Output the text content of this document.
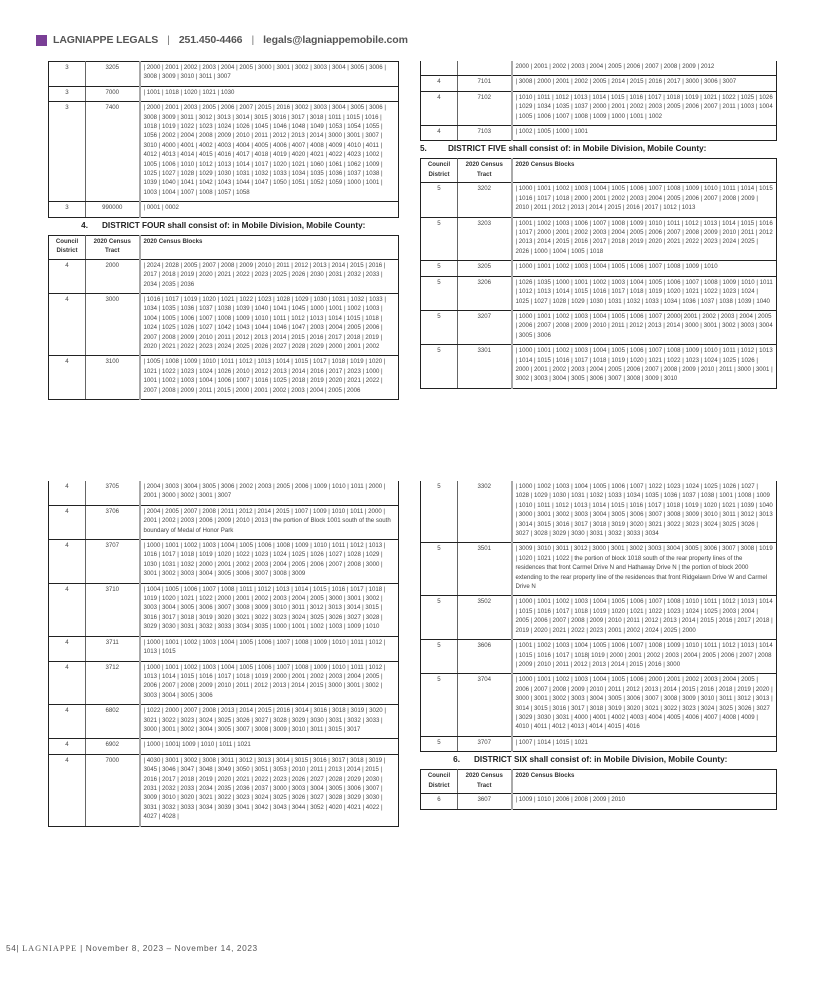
LAGNIAPPE LEGALS | 251.450-4466 | legals@lagniappemobile.com
3	3205	| 2000 | 2001 | 2002 | 2003 | 2004 | 2005 | 3000 | 3001 | 3002 | 3003 | 3004 | 3005 | 3006 | 3008 | 3009 | 3010 | 3011 | 3007
3	7000	| 1001 | 1018 | 1020 | 1021 | 1030
3	7400	| 2000 | 2001 | 2003 | 2005 | 2006 | 2007 | 2015 | 2016 | 3002 | 3003 | 3004 | 3005 | 3006 | 3008 | 3009 | 3011 | 3012 | 3013 | 3014 | 3015 | 3016 | 3017 | 3018 | 1011 | 1015 | 1016 | 1018 | 1019 | 1022 | 1023 | 1024 | 1026 | 1045 | 1046 | 1048 | 1049 | 1053 | 1054 | 1055 | 1056 | 2002 | 2004 | 2008 | 2009 | 2010 | 2011 | 2012 | 2013 | 2014 | 3000 | 3001 | 3007 | 3010 | 4000 | 4001 | 4002 | 4003 | 4004 | 4005 | 4006 | 4007 | 4008 | 4009 | 4010 | 4011 | 4012 | 4013 | 4014 | 4015 | 4016 | 4017 | 4018 | 4019 | 4020 | 4021 | 4022 | 4023 | 1002 | 1005 | 1006 | 1010 | 1012 | 1013 | 1014 | 1017 | 1020 | 1021 | 1060 | 1061 | 1062 | 1009 | 1025 | 1027 | 1028 | 1029 | 1030 | 1031 | 1032 | 1033 | 1034 | 1035 | 1036 | 1037 | 1038 | 1039 | 1040 | 1041 | 1042 | 1043 | 1044 | 1047 | 1050 | 1051 | 1052 | 1059 | 1000 | 1001 | 1003 | 1004 | 1007 | 1008 | 1057 | 1058
3	990000	| 0001 | 0002
4.	DISTRICT FOUR shall consist of: in Mobile Division, Mobile County:
Council District	2020 Census Tract	2020 Census Blocks
4	2000	| 2024 | 2028 | 2005 | 2007 | 2008 | 2009 | 2010 | 2011 | 2012 | 2013 | 2014 | 2015 | 2016 | 2017 | 2018 | 2019 | 2020 | 2021 | 2022 | 2023 | 2025 | 2026 | 2030 | 2031 | 2032 | 2033 | 2034 | 2035 | 2036
4	3000	| 1016 | 1017 | 1019 | 1020 | 1021 | 1022 | 1023 | 1028 | 1029 | 1030 | 1031 | 1032 | 1033 | 1034 | 1035 | 1036 | 1037 | 1038 | 1039 | 1040 | 1041 | 1045 | 1000 | 1001 | 1002 | 1003 | 1004 | 1005 | 1006 | 1007 | 1008 | 1009 | 1010 | 1011 | 1012 | 1013 | 1014 | 1015 | 1018 | 1024 | 1025 | 1026 | 1027 | 1042 | 1043 | 1044 | 1046 | 1047 | 2003 | 2004 | 2005 | 2006 | 2007 | 2008 | 2009 | 2010 | 2011 | 2012 | 2013 | 2014 | 2015 | 2016 | 2017 | 2018 | 2019 | 2020 | 2021 | 2022 | 2023 | 2024 | 2025 | 2026 | 2027 | 2028 | 2029 | 2000 | 2001 | 2002
4	3100	| 1005 | 1008 | 1009 | 1010 | 1011 | 1012 | 1013 | 1014 | 1015 | 1017 | 1018 | 1019 | 1020 | 1021 | 1022 | 1023 | 1024 | 1026 | 2010 | 2012 | 2013 | 2014 | 2016 | 2017 | 2023 | 1000 | 1001 | 1002 | 1003 | 1004 | 1006 | 1007 | 1016 | 1025 | 2018 | 2019 | 2020 | 2021 | 2022 | 2007 | 2008 | 2009 | 2011 | 2015 | 2000 | 2001 | 2002 | 2003 | 2004 | 2005 | 2006
		2000 | 2001 | 2002 | 2003 | 2004 | 2005 | 2006 | 2007 | 2008 | 2009 | 2012
4	7101	| 3008 | 2000 | 2001 | 2002 | 2005 | 2014 | 2015 | 2016 | 2017 | 3000 | 3006 | 3007
4	7102	| 1010 | 1011 | 1012 | 1013 | 1014 | 1015 | 1016 | 1017 | 1018 | 1019 | 1021 | 1022 | 1025 | 1026 | 1029 | 1034 | 1035 | 1037 | 2000 | 2001 | 2002 | 2003 | 2005 | 2006 | 2007 | 2011 | 1003 | 1004 | 1005 | 1006 | 1007 | 1008 | 1009 | 1000 | 1001 | 1002
4	7103	| 1002 | 1005 | 1000 | 1001
5.	DISTRICT FIVE shall consist of: in Mobile Division, Mobile County:
Council District	2020 Census Tract	2020 Census Blocks
5	3202	| 1000 | 1001 | 1002 | 1003 | 1004 | 1005 | 1006 | 1007 | 1008 | 1009 | 1010 | 1011 | 1014 | 1015 | 1016 | 1017 | 1018 | 2000 | 2001 | 2002 | 2003 | 2004 | 2005 | 2006 | 2007 | 2008 | 2009 | 2010 | 2011 | 2012 | 2013 | 2014 | 2015 | 2016 | 2017 | 1012 | 1013
5	3203	| 1001 | 1002 | 1003 | 1006 | 1007 | 1008 | 1009 | 1010 | 1011 | 1012 | 1013 | 1014 | 1015 | 1016 | 1017 | 2000 | 2001 | 2002 | 2003 | 2004 | 2005 | 2006 | 2007 | 2008 | 2009 | 2010 | 2011 | 2012 | 2013 | 2014 | 2015 | 2016 | 2017 | 2018 | 2019 | 2020 | 2021 | 2022 | 2023 | 2024 | 2025 | 2026 | 1000 | 1004 | 1005 | 1018
5	3205	| 1000 | 1001 | 1002 | 1003 | 1004 | 1005 | 1006 | 1007 | 1008 | 1009 | 1010
5	3206	| 1026 | 1035 | 1000 | 1001 | 1002 | 1003 | 1004 | 1005 | 1006 | 1007 | 1008 | 1009 | 1010 | 1011 | 1012 | 1013 | 1014 | 1015 | 1016 | 1017 | 1018 | 1019 | 1020 | 1021 | 1022 | 1023 | 1024 | 1025 | 1027 | 1028 | 1029 | 1030 | 1031 | 1032 | 1033 | 1034 | 1036 | 1037 | 1038 | 1039 | 1040
5	3207	| 1000 | 1001 | 1002 | 1003 | 1004 | 1005 | 1006 | 1007 | 2000| 2001 | 2002 | 2003 | 2004 | 2005 | 2006 | 2007 | 2008 | 2009 | 2010 | 2011 | 2012 | 2013 | 2014 | 3000 | 3001 | 3002 | 3003 | 3004 | 3005 | 3006
5	3301	| 1000 | 1001 | 1002 | 1003 | 1004 | 1005 | 1006 | 1007 | 1008 | 1009 | 1010 | 1011 | 1012 | 1013 | 1014 | 1015 | 1016 | 1017 | 1018 | 1019 | 1020 | 1021 | 1022 | 1023 | 1024 | 1025 | 1026 | 2000 | 2001 | 2002 | 2003 | 2004 | 2005 | 2006 | 2007 | 2008 | 2009 | 2010 | 2011 | 3000 | 3001 | 3002 | 3003 | 3004 | 3005 | 3006 | 3007 | 3008 | 3009 | 3010
4	3705	| 2004 | 3003 | 3004 | 3005 | 3006 | 2002 | 2003 | 2005 | 2006 | 1009 | 1010 | 1011 | 2000 | 2001 | 3000 | 3002 | 3001 | 3007
4	3706	| 2004 | 2005 | 2007 | 2008 | 2011 | 2012 | 2014 | 2015 | 1007 | 1009 | 1010 | 1011 | 2000 | 2001 | 2002 | 2003 | 2006 | 2009 | 2010 | 2013 | the portion of Block 1001 south of the south boundary of Medal of Honor Park
4	3707	| 1000 | 1001 | 1002 | 1003 | 1004 | 1005 | 1006 | 1008 | 1009 | 1010 | 1011 | 1012 | 1013 | 1016 | 1017 | 1018 | 1019 | 1020 | 1022 | 1023 | 1024 | 1025 | 1026 | 1027 | 1028 | 1029 | 1030 | 1031 | 1032 | 2000 | 2001 | 2002 | 2003 | 2004 | 2005 | 2006 | 2007 | 2008 | 3000 | 3001 | 3002 | 3003 | 3004 | 3005 | 3006 | 3007 | 3008 | 3009
4	3710	| 1004 | 1005 | 1006 | 1007 | 1008 | 1011 | 1012 | 1013 | 1014 | 1015 | 1016 | 1017 | 1018 | 1019 | 1020 | 1021 | 1022 | 2000 | 2001 | 2002 | 2003 | 2004 | 2005 | 3000 | 3001 | 3002 | 3003 | 3004 | 3005 | 3006 | 3007 | 3008 | 3009 | 3010 | 3011 | 3012 | 3013 | 3014 | 3015 | 3016 | 3017 | 3018 | 3019 | 3020 | 3021 | 3022 | 3023 | 3024 | 3025 | 3026 | 3027 | 3028 | 3029 | 3030 | 3031 | 3032 | 3033 | 3034 | 3035 | 1000 | 1001 | 1002 | 1003 | 1009 | 1010
4	3711	| 1000 | 1001 | 1002 | 1003 | 1004 | 1005 | 1006 | 1007 | 1008 | 1009 | 1010 | 1011 | 1012 | 1013 | 1015
4	3712	| 1000 | 1001 | 1002 | 1003 | 1004 | 1005 | 1006 | 1007 | 1008 | 1009 | 1010 | 1011 | 1012 | 1013 | 1014 | 1015 | 1016 | 1017 | 1018 | 1019 | 2000 | 2001 | 2002 | 2003 | 2004 | 2005 | 2006 | 2007 | 2008 | 2009 | 2010 | 2011 | 2012 | 2013 | 2014 | 2015 | 3000 | 3001 | 3002 | 3003 | 3004 | 3005 | 3006
4	6802	| 1022 | 2000 | 2007 | 2008 | 2013 | 2014 | 2015 | 2016 | 3014 | 3016 | 3018 | 3019 | 3020 | 3021 | 3022 | 3023 | 3024 | 3025 | 3026 | 3027 | 3028 | 3029 | 3030 | 3031 | 3032 | 3033 | 3000 | 3001 | 3002 | 3004 | 3005 | 3007 | 3008 | 3009 | 3010 | 3011 | 3015 | 3017
4	6902	| 1000 | 1001| 1009 | 1010 | 1011 | 1021
4	7000	| 4030 | 3001 | 3002 | 3008 | 3011 | 3012 | 3013 | 3014 | 3015 | 3016 | 3017 | 3018 | 3019 | 3045 | 3046 | 3047 | 3048 | 3049 | 3050 | 3051 | 3053 | 2010 | 2011 | 2013 | 2014 | 2015 | 2016 | 2017 | 2018 | 2019 | 2020 | 2021 | 2022 | 2023 | 2026 | 2027 | 2028 | 2029 | 2030 | 2031 | 2032 | 2033 | 2034 | 2035 | 2036 | 2037 | 3000 | 3003 | 3004 | 3005 | 3006 | 3007 | 3009 | 3010 | 3020 | 3021 | 3022 | 3023 | 3024 | 3025 | 3026 | 3027 | 3028 | 3029 | 3030 | 3031 | 3032 | 3033 | 3034 | 3039 | 3041 | 3042 | 3043 | 3044 | 3052 | 4020 | 4021 | 4022 | 4027 | 4028 |
5	3302	| 1000 | 1002 | 1003 | 1004 | 1005 | 1006 | 1007 | 1022 | 1023 | 1024 | 1025 | 1026 | 1027 | 1028 | 1029 | 1030 | 1031 | 1032 | 1033 | 1034 | 1035 | 1036 | 1037 | 1038 | 1001 | 1008 | 1009 | 1010 | 1011 | 1012 | 1013 | 1014 | 1015 | 1016 | 1017 | 1018 | 1019 | 1020 | 1021 | 1039 | 1040 | 3000 | 3001 | 3002 | 3003 | 3004 | 3005 | 3006 | 3007 | 3008 | 3009 | 3010 | 3011 | 3012 | 3013 | 3014 | 3015 | 3016 | 3017 | 3018 | 3019 | 3020 | 3021 | 3022 | 3023 | 3024 | 3025 | 3026 | 3027 | 3028 | 3029 | 3030 | 3031 | 3032 | 3033 | 3034
5	3501	| 3009 | 3010 | 3011 | 3012 | 3000 | 3001 | 3002 | 3003 | 3004 | 3005 | 3006 | 3007 | 3008 | 1019 | 1020 | 1021 | 1022 | the portion of block 1018 south of the rear property lines of the residences that front Carmel Drive N and Hathaway Drive N | the portion of block 2000 extending to the rear property line of the residences that front Ridgelawn Drive W and Carmel Drive N
5	3502	| 1000 | 1001 | 1002 | 1003 | 1004 | 1005 | 1006 | 1007 | 1008 | 1010 | 1011 | 1012 | 1013 | 1014 | 1015 | 1016 | 1017 | 1018 | 1019 | 1020 | 1021 | 1022 | 1023 | 1024 | 1025 | 2003 | 2004 | 2005 | 2006 | 2007 | 2008 | 2009 | 2010 | 2011 | 2012 | 2013 | 2014 | 2015 | 2016 | 2017 | 2018 | 2019 | 2020 | 2021 | 2022 | 2023 | 2001 | 2002 | 2024 | 2025 | 2000
5	3606	| 1001 | 1002 | 1003 | 1004 | 1005 | 1006 | 1007 | 1008 | 1009 | 1010 | 1011 | 1012 | 1013 | 1014 | 1015 | 1016 | 1017 | 1018| 1019 | 2000 | 2001 | 2002 | 2003 | 2004 | 2005 | 2006 | 2007 | 2008 | 2009 | 2010 | 2011 | 2012 | 2013 | 2014 | 2015 | 2016 | 3000
5	3704	| 1000 | 1001 | 1002 | 1003 | 1004 | 1005 | 1006 | 2000 | 2001 | 2002 | 2003 | 2004 | 2005 | 2006 | 2007 | 2008 | 2009 | 2010 | 2011 | 2012 | 2013 | 2014 | 2015 | 2016 | 2018 | 2019 | 2020 | 3000 | 3001 | 3002 | 3003 | 3004 | 3005 | 3006 | 3007 | 3008 | 3009 | 3010 | 3011 | 3012 | 3013 | 3014 | 3015 | 3016 | 3017 | 3018 | 3019 | 3020 | 3021 | 3022 | 3023 | 3024 | 3025 | 3026 | 3027 | 3029 | 3030 | 3031 | 4000 | 4001 | 4002 | 4003 | 4004 | 4005 | 4006 | 4007 | 4008 | 4009 | 4010 | 4011 | 4012 | 4013 | 4014 | 4015 | 4016
5	3707	| 1007 | 1014 | 1015 | 1021
6.	DISTRICT SIX shall consist of: in Mobile Division, Mobile County:
Council District	2020 Census Tract	2020 Census Blocks
6	3607	| 1009 | 1010 | 2006 | 2008 | 2009 | 2010
54| LAGNIAPPE | November 8, 2023 – November 14, 2023
